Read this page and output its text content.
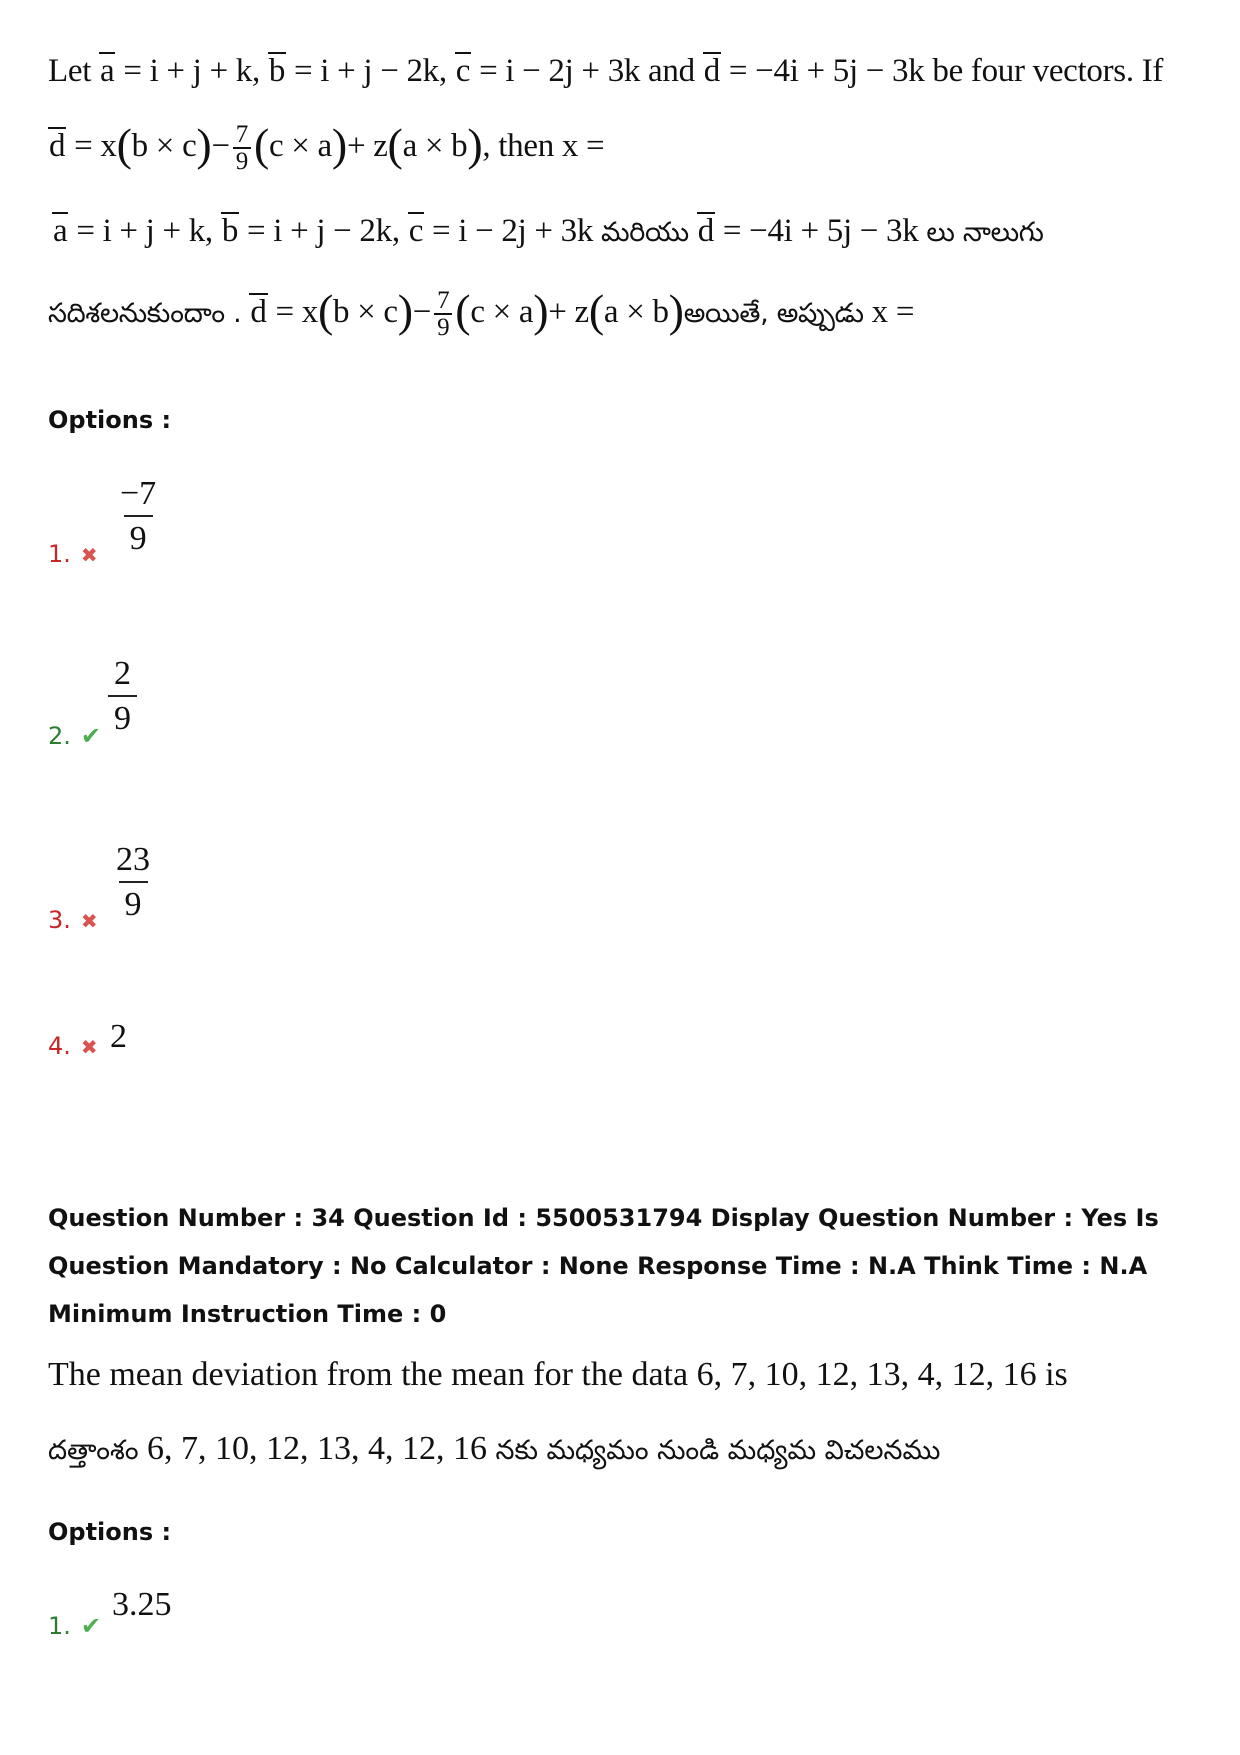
Let a = i + j + k, b = i + j − 2k, c = i − 2j + 3k and d = −4i + 5j − 3k be four vectors. If
$d = x(b \times c)- \frac{7}{9} (c \times a)+ z(a \times b)$, then x =
a = i + j + k, b = i + j − 2k, c = i − 2j + 3k మరియు d = −4i + 5j − 3k లు నాలుగు
సదిశలనుకుందాం . $d = x(b \times c)- \frac{7}{9} (c \times a)+ z(a$ × b)అయితే, అప్పుడు x =
Options :
1. ✖ $\frac{-7}{9}$
2. ✔ $\frac{2}{9}$
3. ✖ $\frac{23}{9}$
4. ✖ 2
Question Number : 34 Question Id : 5500531794 Display Question Number : Yes Is Question Mandatory : No Calculator : None Response Time : N.A Think Time : N.A Minimum Instruction Time : 0
The mean deviation from the mean for the data 6, 7, 10, 12, 13, 4, 12, 16 is
దత్తాంశం 6, 7, 10, 12, 13, 4, 12, 16 నకు మధ్యమం నుండి మధ్యమ విచలనము
Options :
1. ✔
3.25
